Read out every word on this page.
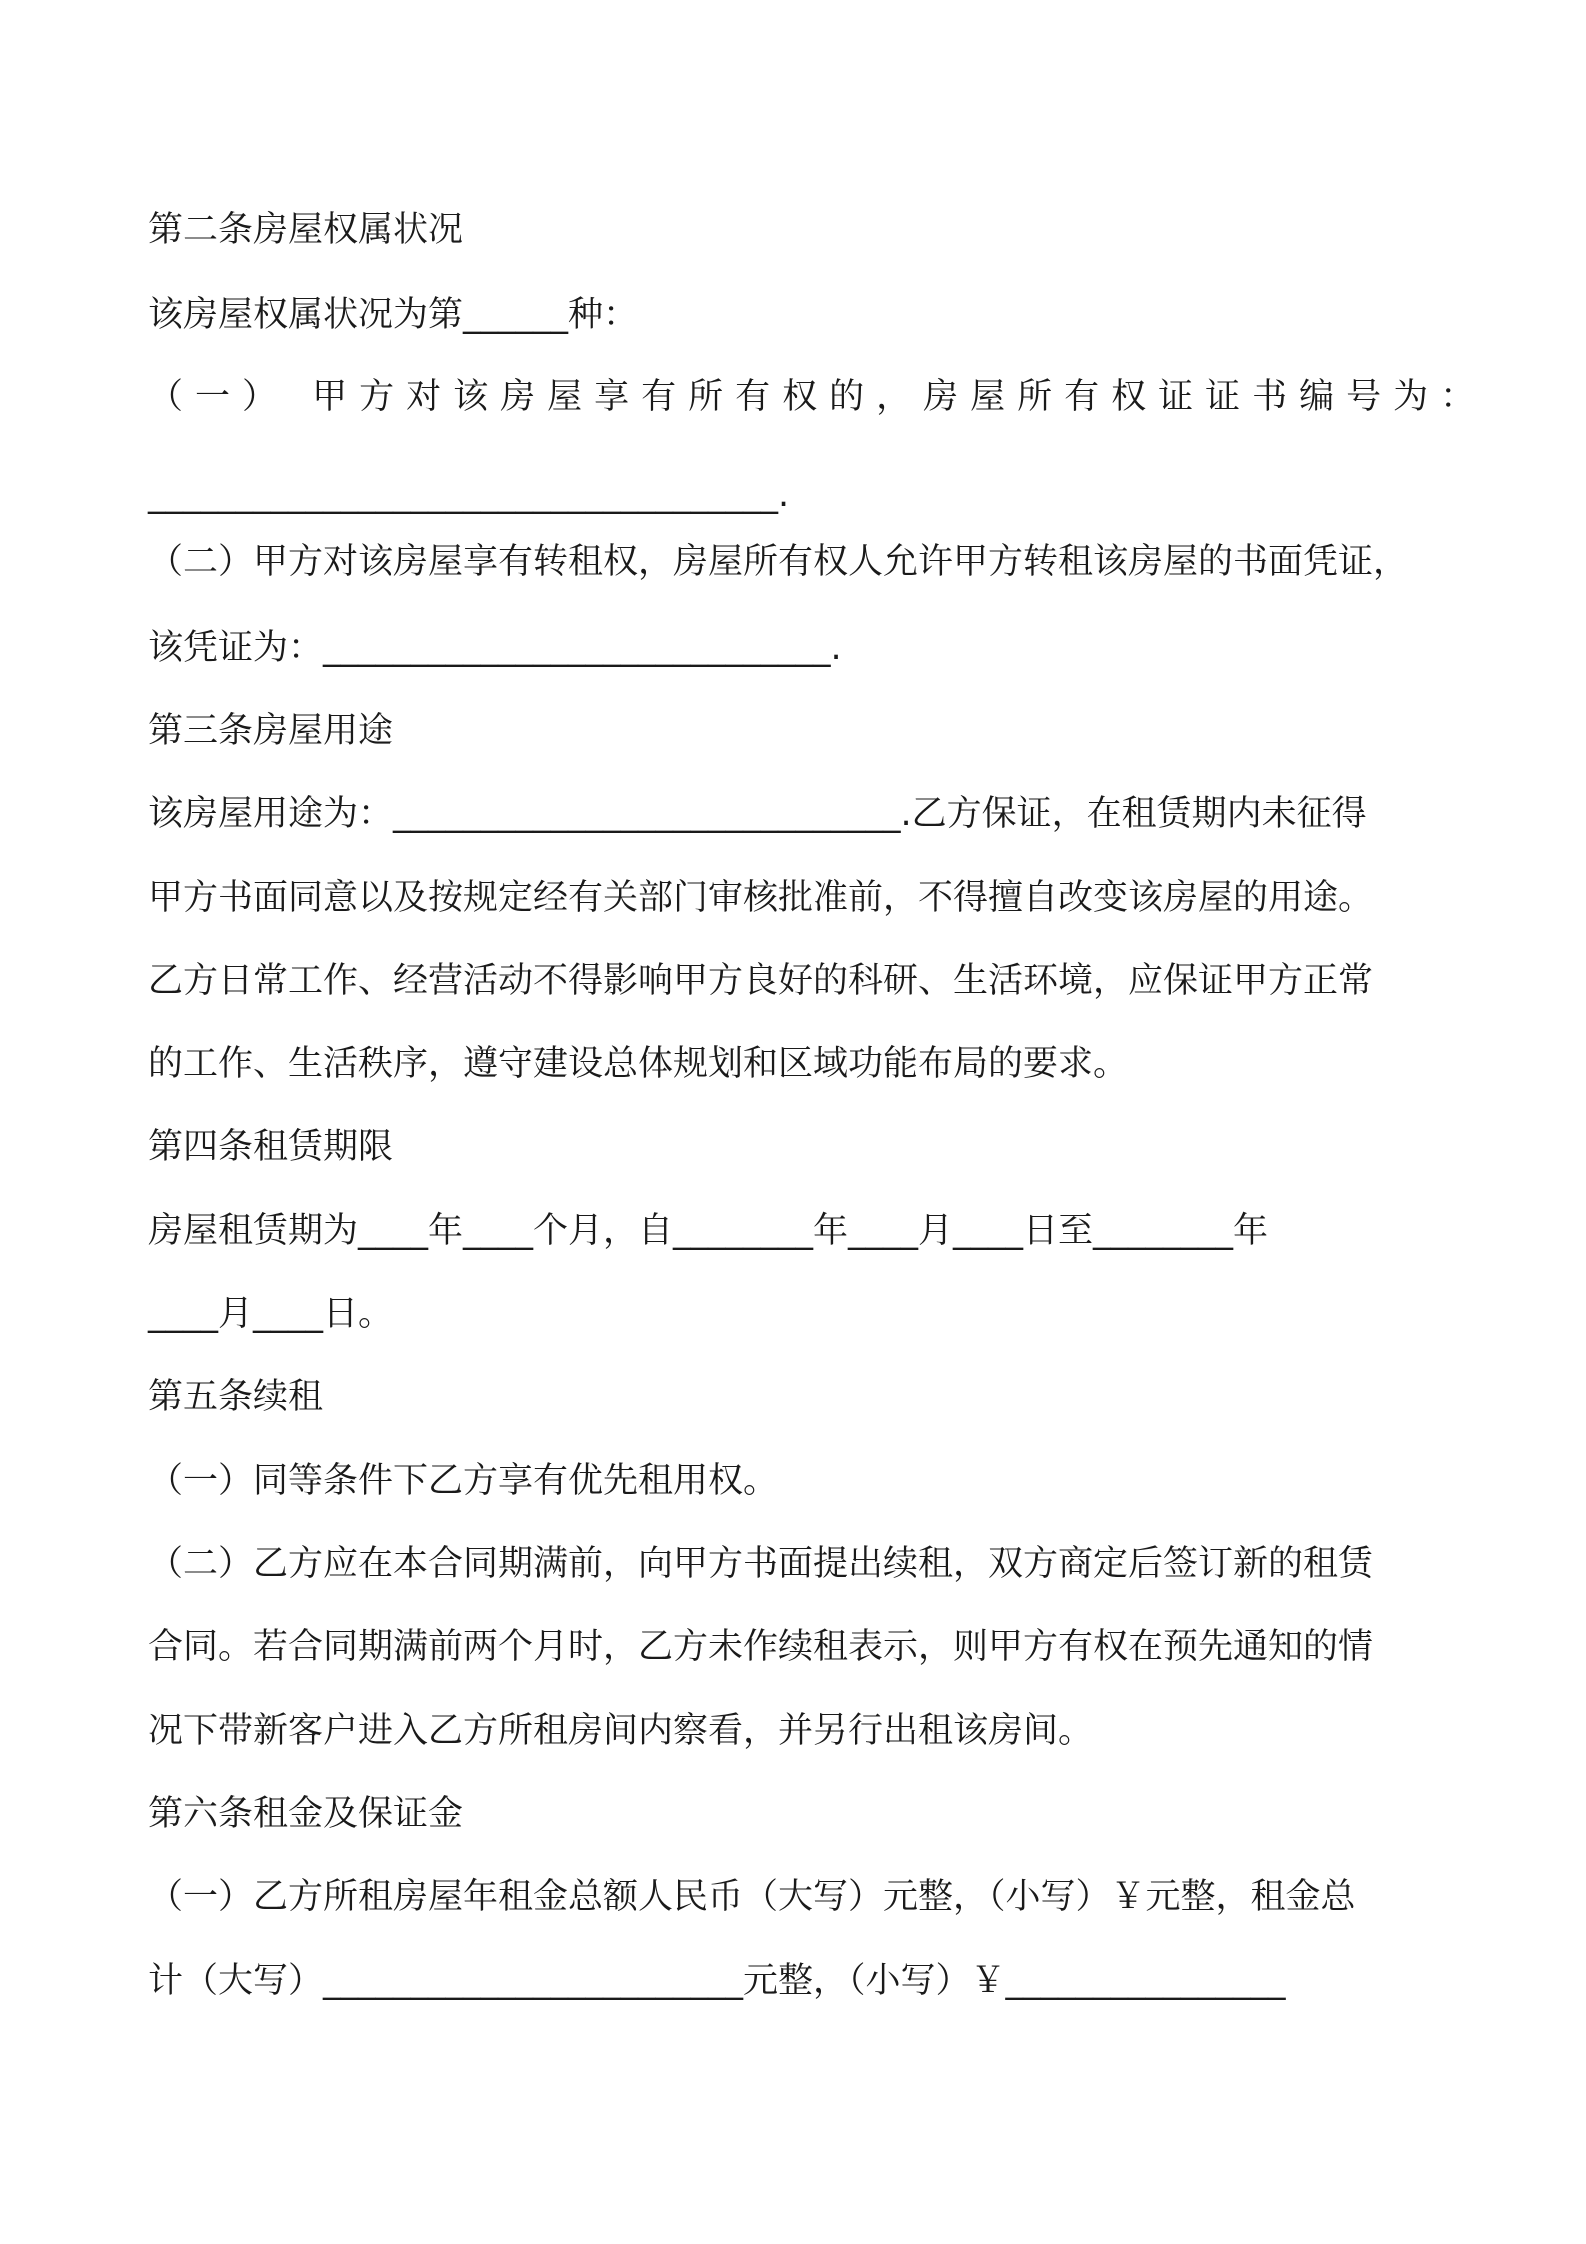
第二条房屋权属状况
该房屋权属状况为第______种：
（一） 甲方对该房屋享有所有权的，房屋所有权证证书编号为：
____________________________________.
（二）甲方对该房屋享有转租权，房屋所有权人允许甲方转租该房屋的书面凭证，
该凭证为：_____________________________.
第三条房屋用途
该房屋用途为：_____________________________.乙方保证，在租赁期内未征得
甲方书面同意以及按规定经有关部门审核批准前，不得擅自改变该房屋的用途。
乙方日常工作、经营活动不得影响甲方良好的科研、生活环境，应保证甲方正常
的工作、生活秩序，遵守建设总体规划和区域功能布局的要求。
第四条租赁期限
房屋租赁期为____年____个月，自________年____月____日至________年
____月____日。
第五条续租
（一）同等条件下乙方享有优先租用权。
（二）乙方应在本合同期满前，向甲方书面提出续租，双方商定后签订新的租赁
合同。若合同期满前两个月时，乙方未作续租表示，则甲方有权在预先通知的情
况下带新客户进入乙方所租房间内察看，并另行出租该房间。
第六条租金及保证金
（一）乙方所租房屋年租金总额人民币（大写）元整，（小写）￥元整，租金总
计（大写）________________________元整，（小写）￥________________
